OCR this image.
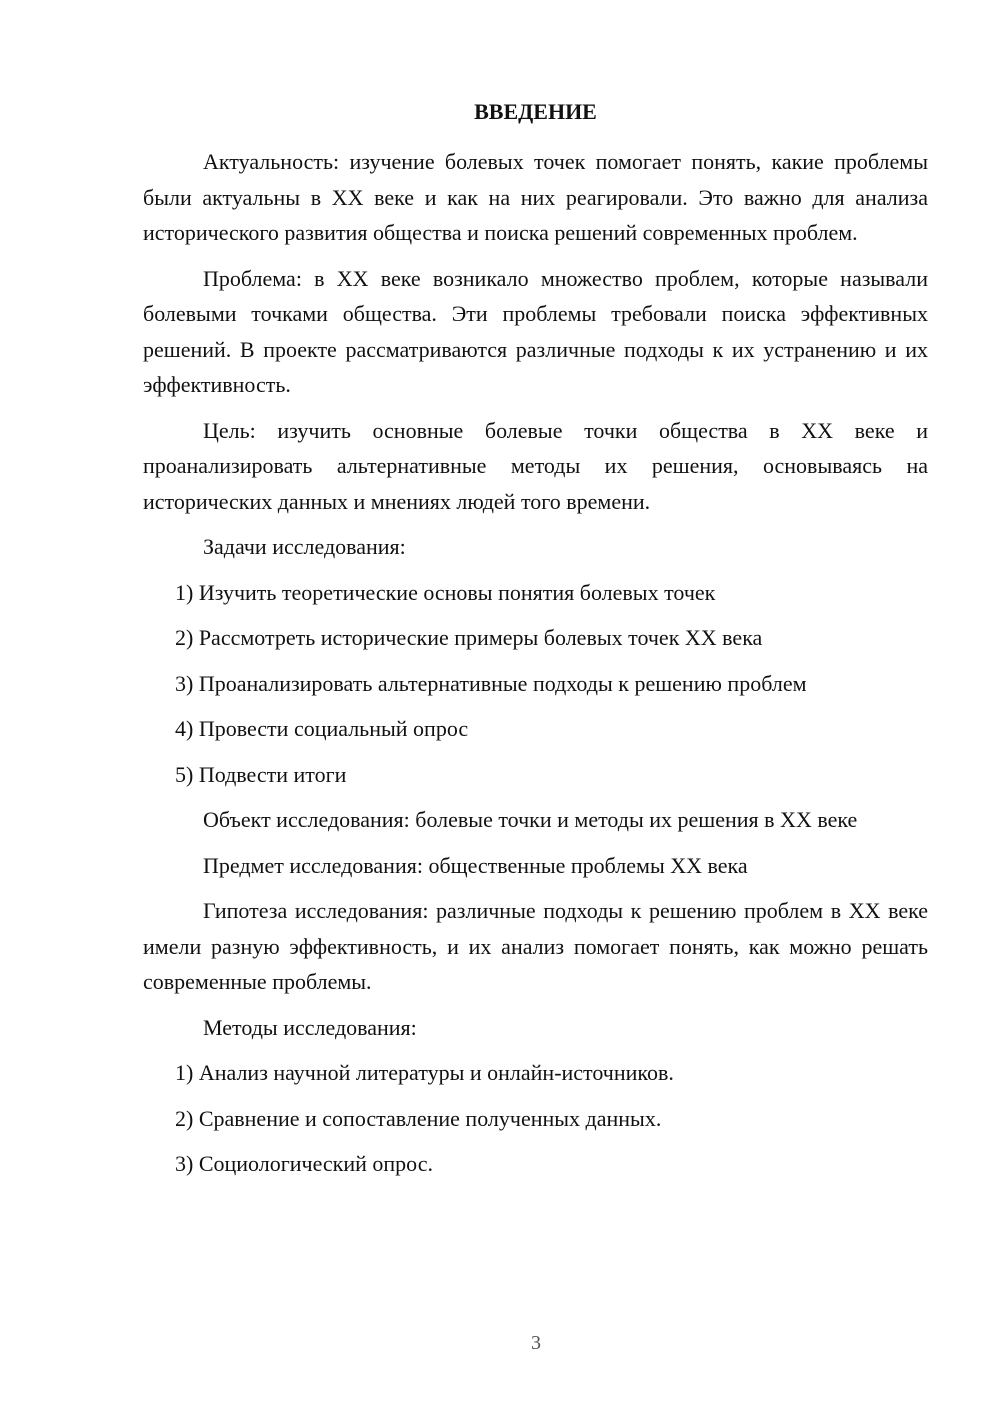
ВВЕДЕНИЕ

Актуальность: изучение болевых точек помогает понять, какие проблемы были актуальны в XX веке и как на них реагировали. Это важно для анализа исторического развития общества и поиска решений современных проблем.

Проблема: в XX веке возникало множество проблем, которые называли болевыми точками общества. Эти проблемы требовали поиска эффективных решений. В проекте рассматриваются различные подходы к их устранению и их эффективность.

Цель: изучить основные болевые точки общества в XX веке и проанализировать альтернативные методы их решения, основываясь на исторических данных и мнениях людей того времени.

Задачи исследования:

1) Изучить теоретические основы понятия болевых точек

2) Рассмотреть исторические примеры болевых точек XX века

3) Проанализировать альтернативные подходы к решению проблем

4) Провести социальный опрос

5) Подвести итоги

Объект исследования: болевые точки и методы их решения в XX веке

Предмет исследования: общественные проблемы XX века

Гипотеза исследования: различные подходы к решению проблем в XX веке имели разную эффективность, и их анализ помогает понять, как можно решать современные проблемы.

Методы исследования:

1) Анализ научной литературы и онлайн-источников.

2) Сравнение и сопоставление полученных данных.

3) Социологический опрос.

3
